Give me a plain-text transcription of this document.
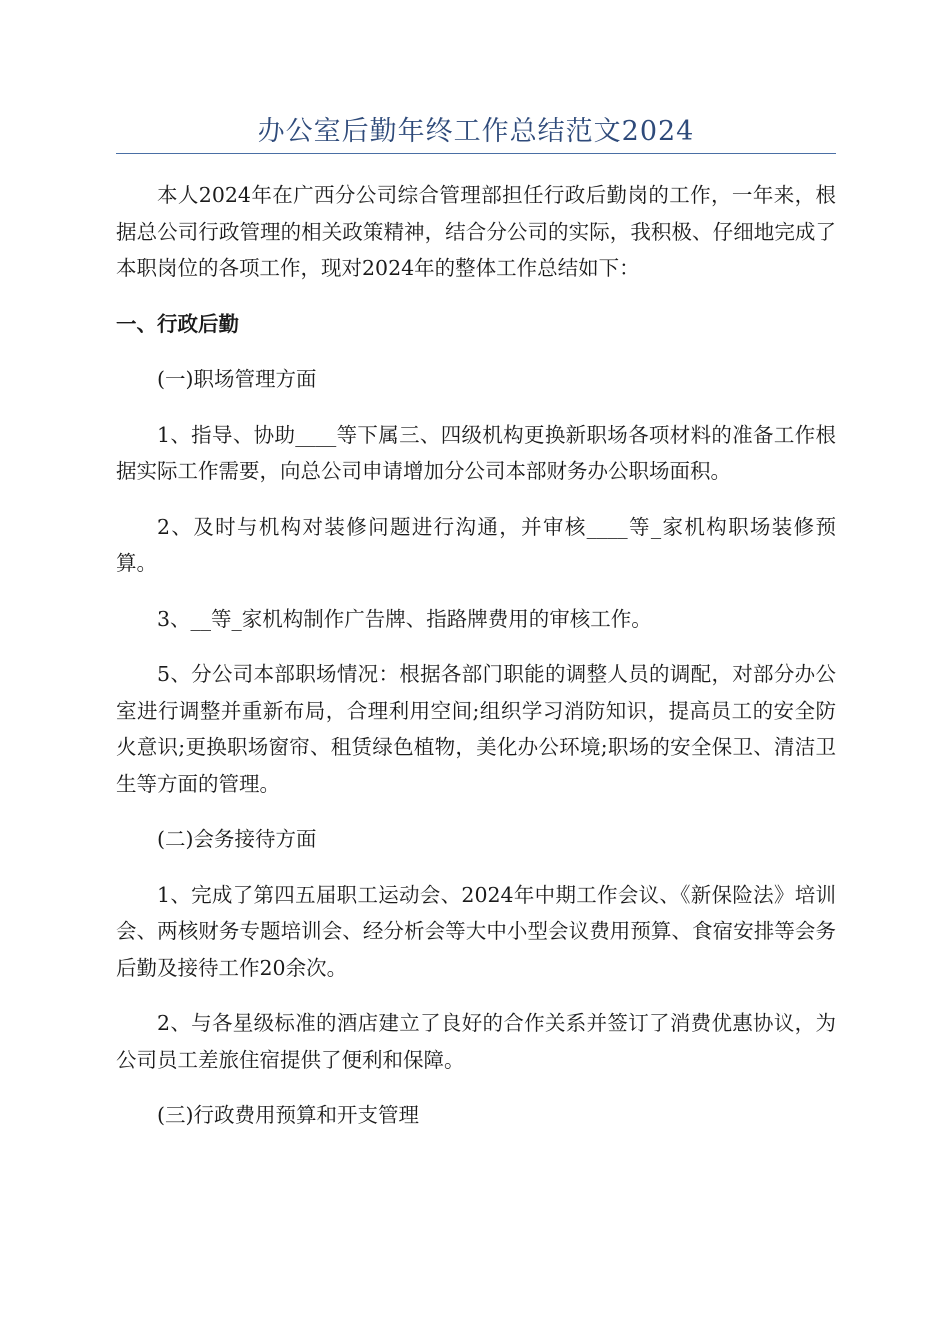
办公室后勤年终工作总结范文2024

本人2024年在广西分公司综合管理部担任行政后勤岗的工作，一年来，根据总公司行政管理的相关政策精神，结合分公司的实际，我积极、仔细地完成了本职岗位的各项工作，现对2024年的整体工作总结如下：

一、行政后勤

(一)职场管理方面

1、指导、协助____等下属三、四级机构更换新职场各项材料的准备工作根据实际工作需要，向总公司申请增加分公司本部财务办公职场面积。

2、及时与机构对装修问题进行沟通，并审核____等_家机构职场装修预算。

3、__等_家机构制作广告牌、指路牌费用的审核工作。

5、分公司本部职场情况：根据各部门职能的调整人员的调配，对部分办公室进行调整并重新布局，合理利用空间;组织学习消防知识，提高员工的安全防火意识;更换职场窗帘、租赁绿色植物，美化办公环境;职场的安全保卫、清洁卫生等方面的管理。

(二)会务接待方面

1、完成了第四五届职工运动会、2024年中期工作会议、《新保险法》培训会、两核财务专题培训会、经分析会等大中小型会议费用预算、食宿安排等会务后勤及接待工作20余次。

2、与各星级标准的酒店建立了良好的合作关系并签订了消费优惠协议，为公司员工差旅住宿提供了便利和保障。

(三)行政费用预算和开支管理
